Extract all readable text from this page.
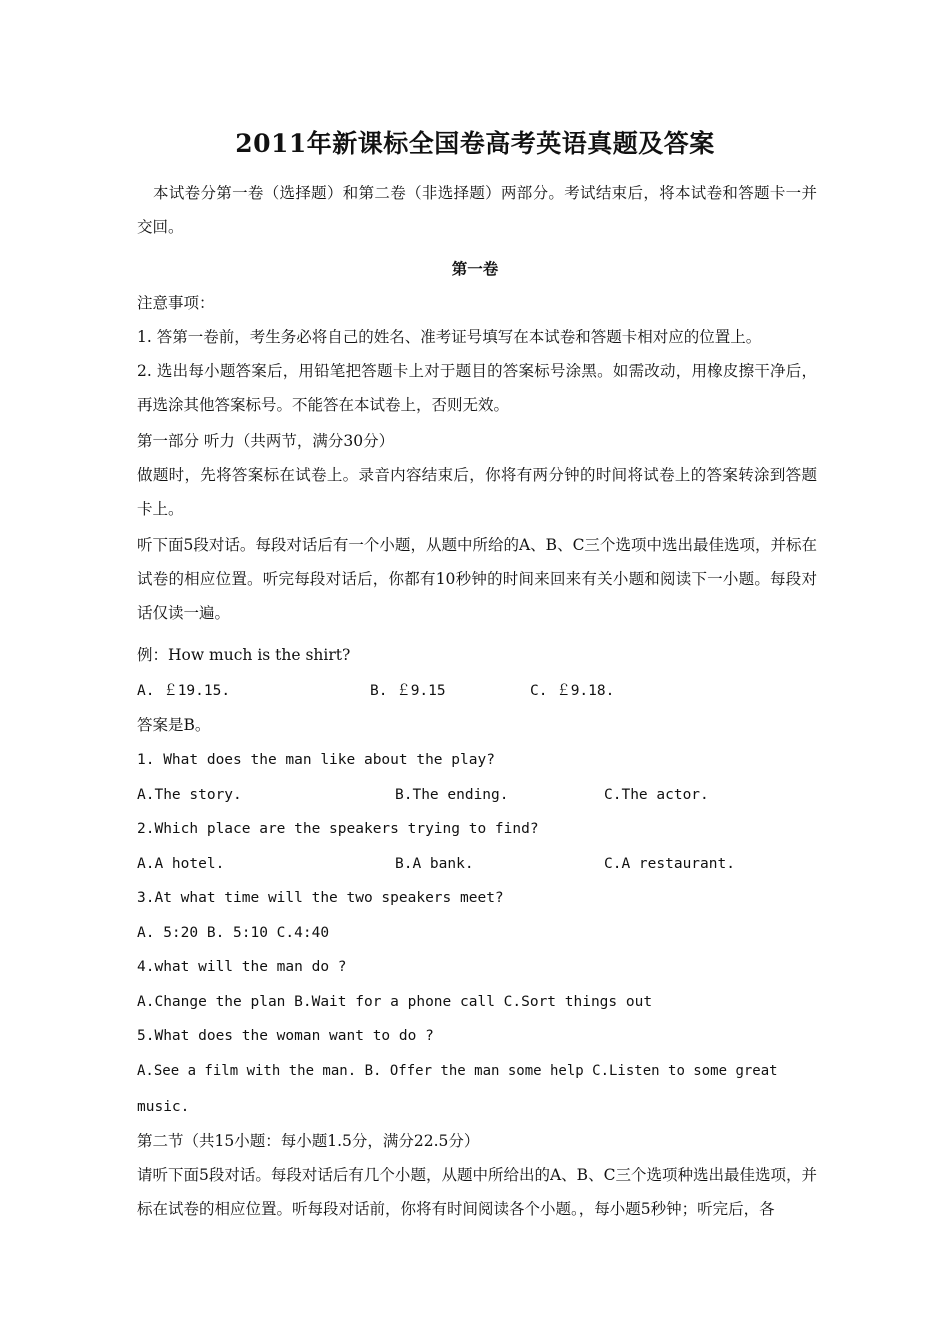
2011年新课标全国卷高考英语真题及答案
本试卷分第一卷（选择题）和第二卷（非选择题）两部分。考试结束后，将本试卷和答题卡一并交回。
第一卷
注意事项：
1. 答第一卷前，考生务必将自己的姓名、准考证号填写在本试卷和答题卡相对应的位置上。
2. 选出每小题答案后，用铅笔把答题卡上对于题目的答案标号涂黑。如需改动，用橡皮擦干净后，再选涂其他答案标号。不能答在本试卷上，否则无效。
第一部分 听力（共两节，满分30分）
做题时，先将答案标在试卷上。录音内容结束后，你将有两分钟的时间将试卷上的答案转涂到答题卡上。
听下面5段对话。每段对话后有一个小题，从题中所给的A、B、C三个选项中选出最佳选项，并标在试卷的相应位置。听完每段对话后，你都有10秒钟的时间来回来有关小题和阅读下一小题。每段对话仅读一遍。
例：How much is the shirt?
A. ￡19.15.	B. ￡9.15	C. ￡9.18.
答案是B。
1. What does the man like about the play?
A.The story.	B.The ending.	C.The actor.
2.Which place are the speakers trying to find?
A.A hotel.	B.A bank.	C.A restaurant.
3.At what time will the two speakers meet?
A. 5:20 B. 5:10 C.4:40
4.what will the man do ?
A.Change the plan B.Wait for a phone call C.Sort things out
5.What does the woman want to do ?
A.See a film with the man. B. Offer the man some help C.Listen to some great
music.
第二节（共15小题：每小题1.5分，满分22.5分）
请听下面5段对话。每段对话后有几个小题，从题中所给出的A、B、C三个选项种选出最佳选项，并标在试卷的相应位置。听每段对话前，你将有时间阅读各个小题。，每小题5秒钟；听完后，各
